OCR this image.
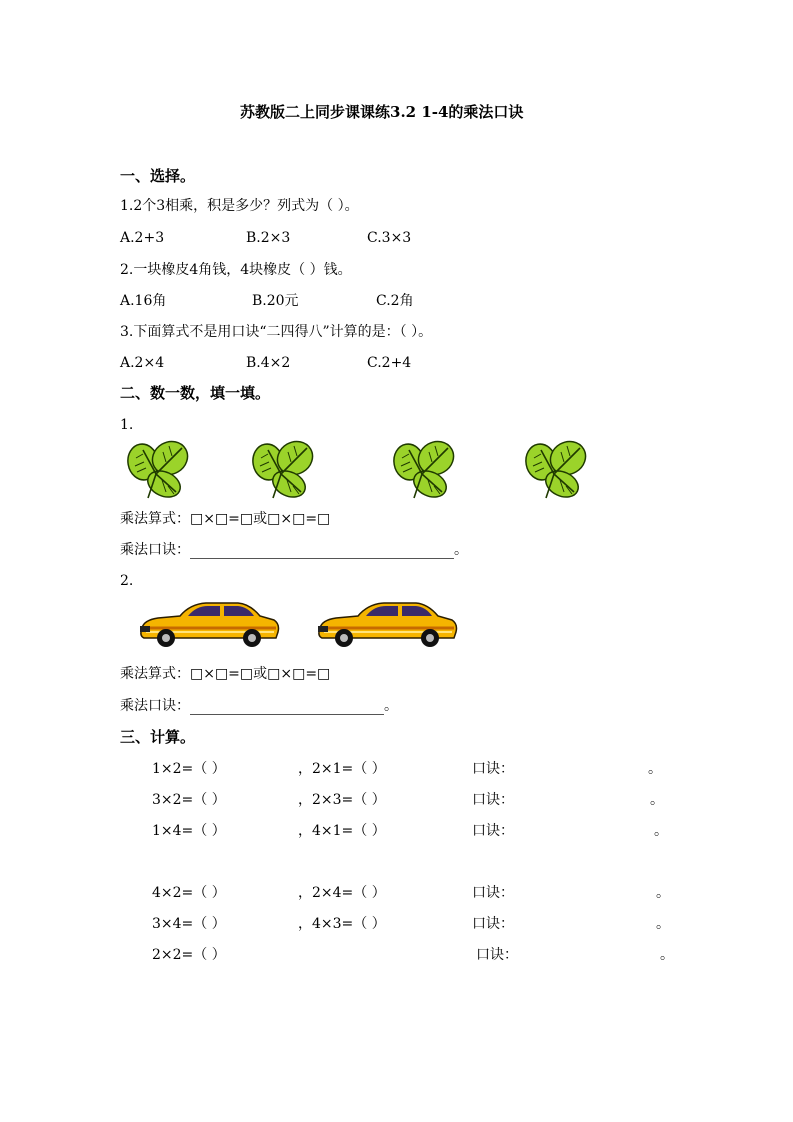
苏教版二上同步课课练3.2 1-4的乘法口诀
一、选择。
1.2个3相乘，积是多少？列式为（ ）。
A.2+3	B.2×3	C.3×3
2.一块橡皮4角钱，4块橡皮（ ）钱。
A.16角	B.20元	C.2角
3.下面算式不是用口诀“二四得八”计算的是：（ ）。
A.2×4	B.4×2	C.2+4
二、数一数，填一填。
1.
乘法算式：□×□=□或□×□=□
乘法口诀：	。
2.
乘法算式：□×□=□或□×□=□
乘法口诀：	。
三、计算。
1×2=（ ）	， 2×1=（ ）	口诀：	。
3×2=（ ）	， 2×3=（ ）	口诀：	。
1×4=（ ）	， 4×1=（ ）	口诀：	。
4×2=（ ）	， 2×4=（ ）	口诀：	。
3×4=（ ）	， 4×3=（ ）	口诀：	。
2×2=（ ）	口诀：	。
